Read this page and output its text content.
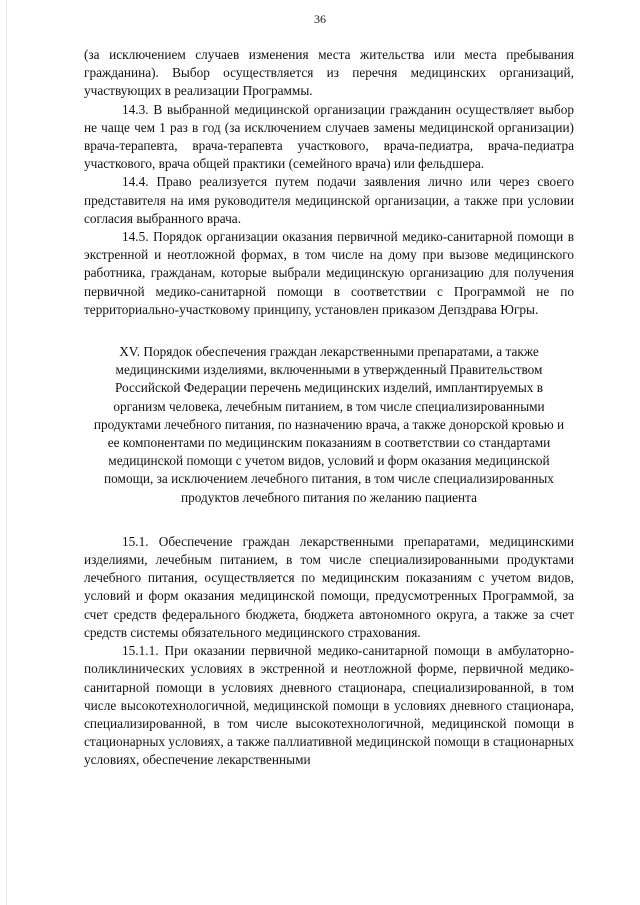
36

(за исключением случаев изменения места жительства или места пребывания гражданина). Выбор осуществляется из перечня медицинских организаций, участвующих в реализации Программы.

14.3. В выбранной медицинской организации гражданин осуществляет выбор не чаще чем 1 раз в год (за исключением случаев замены медицинской организации) врача-терапевта, врача-терапевта участкового, врача-педиатра, врача-педиатра участкового, врача общей практики (семейного врача) или фельдшера.

14.4. Право реализуется путем подачи заявления лично или через своего представителя на имя руководителя медицинской организации, а также при условии согласия выбранного врача.

14.5. Порядок организации оказания первичной медико-санитарной помощи в экстренной и неотложной формах, в том числе на дому при вызове медицинского работника, гражданам, которые выбрали медицинскую организацию для получения первичной медико-санитарной помощи в соответствии с Программой не по территориально-участковому принципу, установлен приказом Депздрава Югры.

XV. Порядок обеспечения граждан лекарственными препаратами, а также медицинскими изделиями, включенными в утвержденный Правительством Российской Федерации перечень медицинских изделий, имплантируемых в организм человека, лечебным питанием, в том числе специализированными продуктами лечебного питания, по назначению врача, а также донорской кровью и ее компонентами по медицинским показаниям в соответствии со стандартами медицинской помощи с учетом видов, условий и форм оказания медицинской помощи, за исключением лечебного питания, в том числе специализированных продуктов лечебного питания по желанию пациента

15.1. Обеспечение граждан лекарственными препаратами, медицинскими изделиями, лечебным питанием, в том числе специализированными продуктами лечебного питания, осуществляется по медицинским показаниям с учетом видов, условий и форм оказания медицинской помощи, предусмотренных Программой, за счет средств федерального бюджета, бюджета автономного округа, а также за счет средств системы обязательного медицинского страхования.

15.1.1. При оказании первичной медико-санитарной помощи в амбулаторно-поликлинических условиях в экстренной и неотложной форме, первичной медико-санитарной помощи в условиях дневного стационара, специализированной, в том числе высокотехнологичной, медицинской помощи в условиях дневного стационара, специализированной, в том числе высокотехнологичной, медицинской помощи в стационарных условиях, а также паллиативной медицинской помощи в стационарных условиях, обеспечение лекарственными
